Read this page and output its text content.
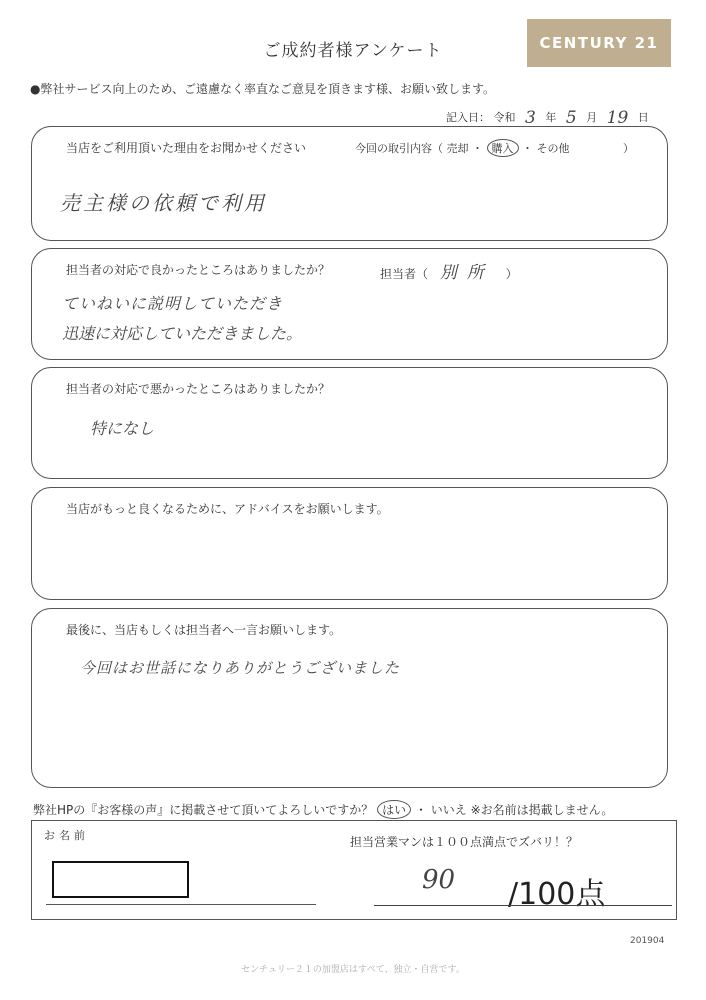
ご成約者様アンケート	CENTURY 21
●弊社サービス向上のため、ご遠慮なく率直なご意見を頂きます様、お願い致します。
記入日： 令和 3 年 5 月 19 日
当店をご利用頂いた理由をお聞かせください	今回の取引内容（ 売却 ・ 購入 ・ その他	）
売主様の依頼で利用
担当者の対応で良かったところはありましたか？	担当者（ 別所 ）
ていねいに説明していただき
迅速に対応していただきました。
担当者の対応で悪かったところはありましたか？
特になし
当店がもっと良くなるために、アドバイスをお願いします。
最後に、当店もしくは担当者へ一言お願いします。
今回はお世話になりありがとうございました
弊社HPの『お客様の声』に掲載させて頂いてよろしいですか？ はい ・ いいえ ※お名前は掲載しません。
お名前	担当営業マンは１００点満点でズバリ！？
90 /100点
201904
センチュリー２１の加盟店はすべて、独立・自営です。
